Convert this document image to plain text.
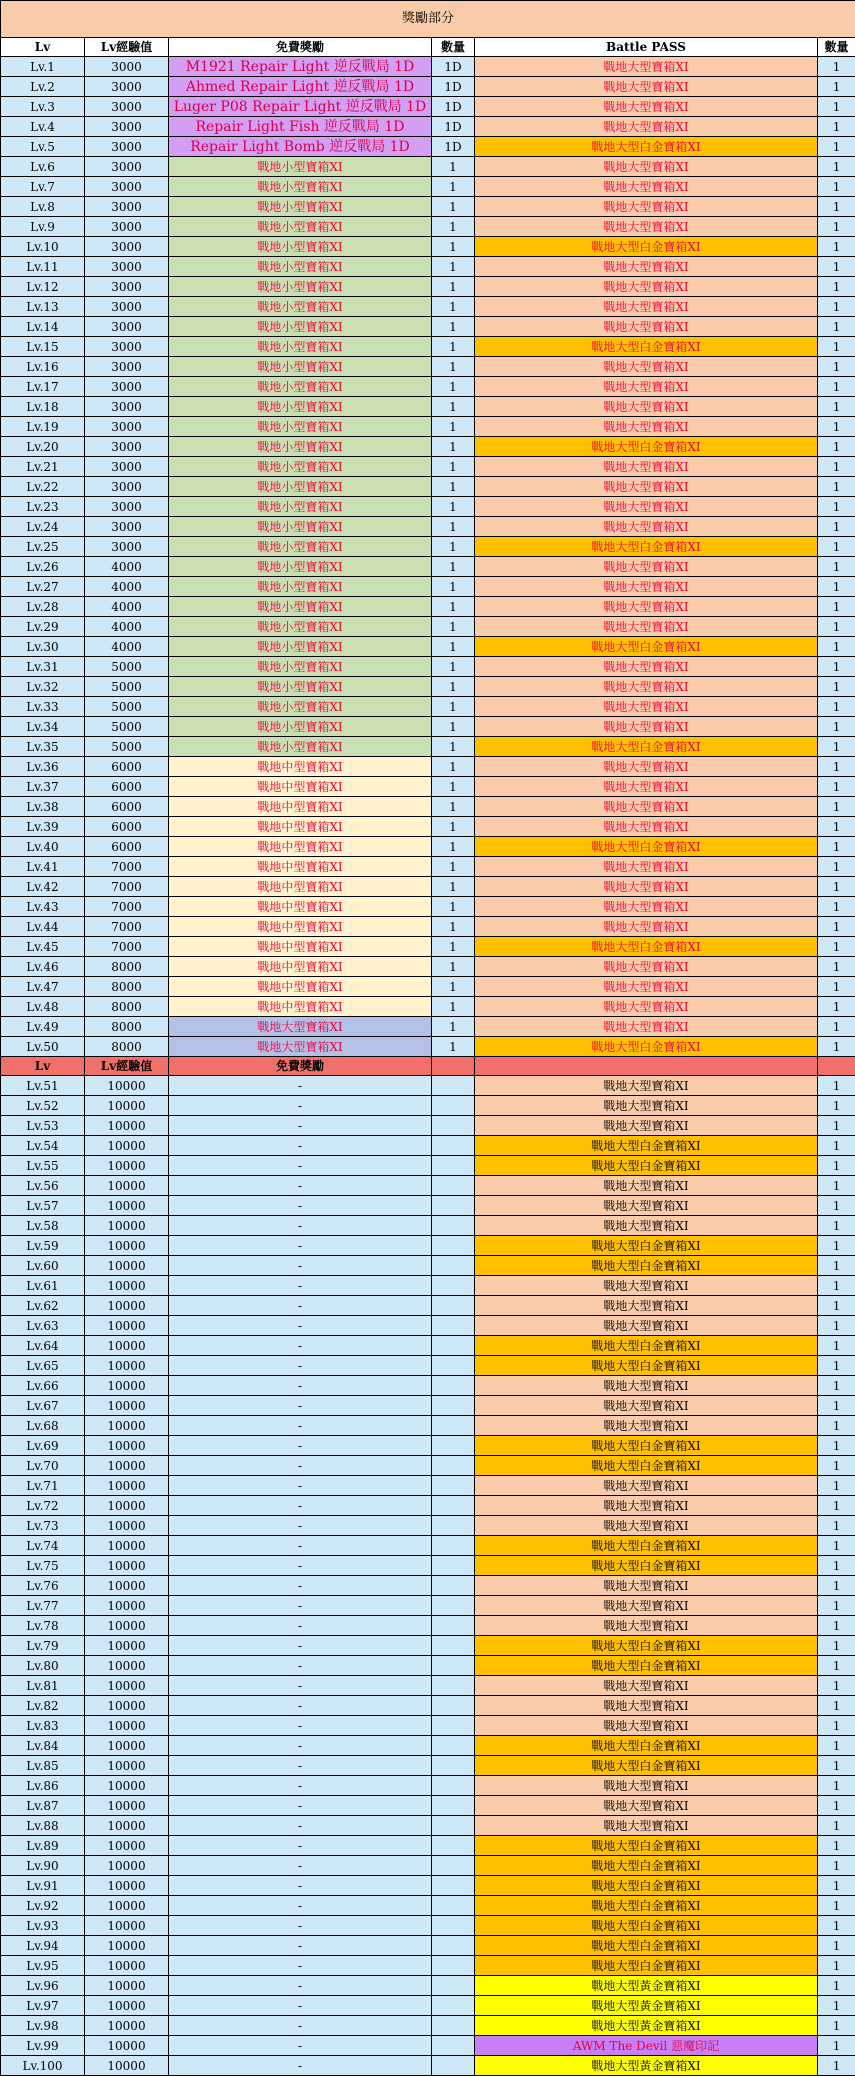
獎勵部分					
Lv	Lv經驗值	免費獎勵	數量	Battle PASS	數量
Lv.1	3000	M1921 Repair Light 逆反戰局 1D	1D	戰地大型寶箱XI	1
Lv.2	3000	Ahmed Repair Light 逆反戰局 1D	1D	戰地大型寶箱XI	1
Lv.3	3000	Luger P08 Repair Light 逆反戰局 1D	1D	戰地大型寶箱XI	1
Lv.4	3000	Repair Light Fish 逆反戰局 1D	1D	戰地大型寶箱XI	1
Lv.5	3000	Repair Light Bomb 逆反戰局 1D	1D	戰地大型白金寶箱XI	1
Lv.6	3000	戰地小型寶箱XI	1	戰地大型寶箱XI	1
Lv.7	3000	戰地小型寶箱XI	1	戰地大型寶箱XI	1
Lv.8	3000	戰地小型寶箱XI	1	戰地大型寶箱XI	1
Lv.9	3000	戰地小型寶箱XI	1	戰地大型寶箱XI	1
Lv.10	3000	戰地小型寶箱XI	1	戰地大型白金寶箱XI	1
Lv.11	3000	戰地小型寶箱XI	1	戰地大型寶箱XI	1
Lv.12	3000	戰地小型寶箱XI	1	戰地大型寶箱XI	1
Lv.13	3000	戰地小型寶箱XI	1	戰地大型寶箱XI	1
Lv.14	3000	戰地小型寶箱XI	1	戰地大型寶箱XI	1
Lv.15	3000	戰地小型寶箱XI	1	戰地大型白金寶箱XI	1
Lv.16	3000	戰地小型寶箱XI	1	戰地大型寶箱XI	1
Lv.17	3000	戰地小型寶箱XI	1	戰地大型寶箱XI	1
Lv.18	3000	戰地小型寶箱XI	1	戰地大型寶箱XI	1
Lv.19	3000	戰地小型寶箱XI	1	戰地大型寶箱XI	1
Lv.20	3000	戰地小型寶箱XI	1	戰地大型白金寶箱XI	1
Lv.21	3000	戰地小型寶箱XI	1	戰地大型寶箱XI	1
Lv.22	3000	戰地小型寶箱XI	1	戰地大型寶箱XI	1
Lv.23	3000	戰地小型寶箱XI	1	戰地大型寶箱XI	1
Lv.24	3000	戰地小型寶箱XI	1	戰地大型寶箱XI	1
Lv.25	3000	戰地小型寶箱XI	1	戰地大型白金寶箱XI	1
Lv.26	4000	戰地小型寶箱XI	1	戰地大型寶箱XI	1
Lv.27	4000	戰地小型寶箱XI	1	戰地大型寶箱XI	1
Lv.28	4000	戰地小型寶箱XI	1	戰地大型寶箱XI	1
Lv.29	4000	戰地小型寶箱XI	1	戰地大型寶箱XI	1
Lv.30	4000	戰地小型寶箱XI	1	戰地大型白金寶箱XI	1
Lv.31	5000	戰地小型寶箱XI	1	戰地大型寶箱XI	1
Lv.32	5000	戰地小型寶箱XI	1	戰地大型寶箱XI	1
Lv.33	5000	戰地小型寶箱XI	1	戰地大型寶箱XI	1
Lv.34	5000	戰地小型寶箱XI	1	戰地大型寶箱XI	1
Lv.35	5000	戰地小型寶箱XI	1	戰地大型白金寶箱XI	1
Lv.36	6000	戰地中型寶箱XI	1	戰地大型寶箱XI	1
Lv.37	6000	戰地中型寶箱XI	1	戰地大型寶箱XI	1
Lv.38	6000	戰地中型寶箱XI	1	戰地大型寶箱XI	1
Lv.39	6000	戰地中型寶箱XI	1	戰地大型寶箱XI	1
Lv.40	6000	戰地中型寶箱XI	1	戰地大型白金寶箱XI	1
Lv.41	7000	戰地中型寶箱XI	1	戰地大型寶箱XI	1
Lv.42	7000	戰地中型寶箱XI	1	戰地大型寶箱XI	1
Lv.43	7000	戰地中型寶箱XI	1	戰地大型寶箱XI	1
Lv.44	7000	戰地中型寶箱XI	1	戰地大型寶箱XI	1
Lv.45	7000	戰地中型寶箱XI	1	戰地大型白金寶箱XI	1
Lv.46	8000	戰地中型寶箱XI	1	戰地大型寶箱XI	1
Lv.47	8000	戰地中型寶箱XI	1	戰地大型寶箱XI	1
Lv.48	8000	戰地中型寶箱XI	1	戰地大型寶箱XI	1
Lv.49	8000	戰地大型寶箱XI	1	戰地大型寶箱XI	1
Lv.50	8000	戰地大型寶箱XI	1	戰地大型白金寶箱XI	1
Lv	Lv經驗值	免費獎勵			
Lv.51	10000	-		戰地大型寶箱XI	1
Lv.52	10000	-		戰地大型寶箱XI	1
Lv.53	10000	-		戰地大型寶箱XI	1
Lv.54	10000	-		戰地大型白金寶箱XI	1
Lv.55	10000	-		戰地大型白金寶箱XI	1
Lv.56	10000	-		戰地大型寶箱XI	1
Lv.57	10000	-		戰地大型寶箱XI	1
Lv.58	10000	-		戰地大型寶箱XI	1
Lv.59	10000	-		戰地大型白金寶箱XI	1
Lv.60	10000	-		戰地大型白金寶箱XI	1
Lv.61	10000	-		戰地大型寶箱XI	1
Lv.62	10000	-		戰地大型寶箱XI	1
Lv.63	10000	-		戰地大型寶箱XI	1
Lv.64	10000	-		戰地大型白金寶箱XI	1
Lv.65	10000	-		戰地大型白金寶箱XI	1
Lv.66	10000	-		戰地大型寶箱XI	1
Lv.67	10000	-		戰地大型寶箱XI	1
Lv.68	10000	-		戰地大型寶箱XI	1
Lv.69	10000	-		戰地大型白金寶箱XI	1
Lv.70	10000	-		戰地大型白金寶箱XI	1
Lv.71	10000	-		戰地大型寶箱XI	1
Lv.72	10000	-		戰地大型寶箱XI	1
Lv.73	10000	-		戰地大型寶箱XI	1
Lv.74	10000	-		戰地大型白金寶箱XI	1
Lv.75	10000	-		戰地大型白金寶箱XI	1
Lv.76	10000	-		戰地大型寶箱XI	1
Lv.77	10000	-		戰地大型寶箱XI	1
Lv.78	10000	-		戰地大型寶箱XI	1
Lv.79	10000	-		戰地大型白金寶箱XI	1
Lv.80	10000	-		戰地大型白金寶箱XI	1
Lv.81	10000	-		戰地大型寶箱XI	1
Lv.82	10000	-		戰地大型寶箱XI	1
Lv.83	10000	-		戰地大型寶箱XI	1
Lv.84	10000	-		戰地大型白金寶箱XI	1
Lv.85	10000	-		戰地大型白金寶箱XI	1
Lv.86	10000	-		戰地大型寶箱XI	1
Lv.87	10000	-		戰地大型寶箱XI	1
Lv.88	10000	-		戰地大型寶箱XI	1
Lv.89	10000	-		戰地大型白金寶箱XI	1
Lv.90	10000	-		戰地大型白金寶箱XI	1
Lv.91	10000	-		戰地大型白金寶箱XI	1
Lv.92	10000	-		戰地大型白金寶箱XI	1
Lv.93	10000	-		戰地大型白金寶箱XI	1
Lv.94	10000	-		戰地大型白金寶箱XI	1
Lv.95	10000	-		戰地大型白金寶箱XI	1
Lv.96	10000	-		戰地大型黃金寶箱XI	1
Lv.97	10000	-		戰地大型黃金寶箱XI	1
Lv.98	10000	-		戰地大型黃金寶箱XI	1
Lv.99	10000	-		AWM The Devil 惡魔印記	1
Lv.100	10000	-		戰地大型黃金寶箱XI	1
